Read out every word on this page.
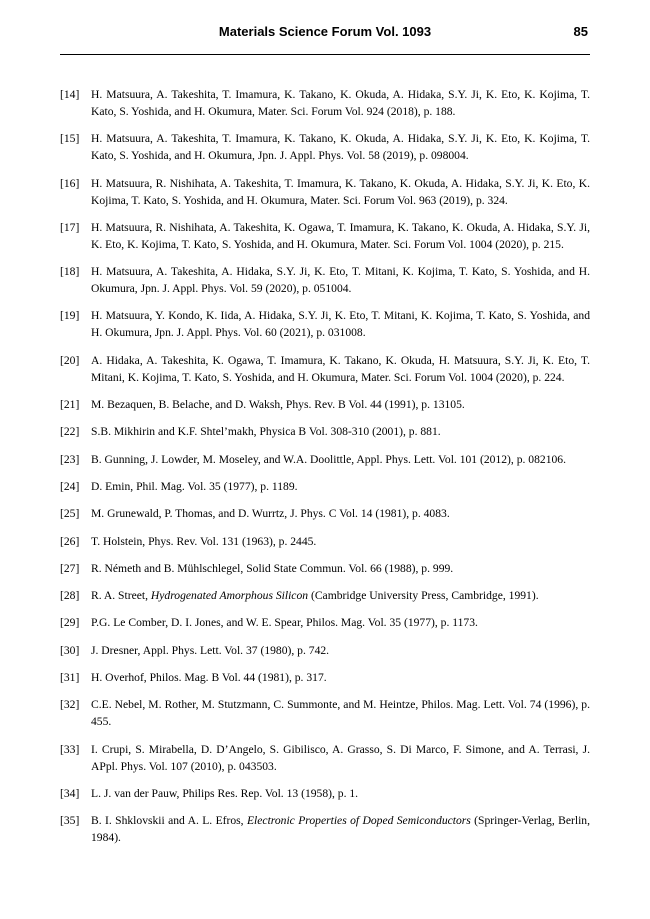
Materials Science Forum Vol. 1093	85
[14] H. Matsuura, A. Takeshita, T. Imamura, K. Takano, K. Okuda, A. Hidaka, S.Y. Ji, K. Eto, K. Kojima, T. Kato, S. Yoshida, and H. Okumura, Mater. Sci. Forum Vol. 924 (2018), p. 188.
[15] H. Matsuura, A. Takeshita, T. Imamura, K. Takano, K. Okuda, A. Hidaka, S.Y. Ji, K. Eto, K. Kojima, T. Kato, S. Yoshida, and H. Okumura, Jpn. J. Appl. Phys. Vol. 58 (2019), p. 098004.
[16] H. Matsuura, R. Nishihata, A. Takeshita, T. Imamura, K. Takano, K. Okuda, A. Hidaka, S.Y. Ji, K. Eto, K. Kojima, T. Kato, S. Yoshida, and H. Okumura, Mater. Sci. Forum Vol. 963 (2019), p. 324.
[17] H. Matsuura, R. Nishihata, A. Takeshita, K. Ogawa, T. Imamura, K. Takano, K. Okuda, A. Hidaka, S.Y. Ji, K. Eto, K. Kojima, T. Kato, S. Yoshida, and H. Okumura, Mater. Sci. Forum Vol. 1004 (2020), p. 215.
[18] H. Matsuura, A. Takeshita, A. Hidaka, S.Y. Ji, K. Eto, T. Mitani, K. Kojima, T. Kato, S. Yoshida, and H. Okumura, Jpn. J. Appl. Phys. Vol. 59 (2020), p. 051004.
[19] H. Matsuura, Y. Kondo, K. Iida, A. Hidaka, S.Y. Ji, K. Eto, T. Mitani, K. Kojima, T. Kato, S. Yoshida, and H. Okumura, Jpn. J. Appl. Phys. Vol. 60 (2021), p. 031008.
[20] A. Hidaka, A. Takeshita, K. Ogawa, T. Imamura, K. Takano, K. Okuda, H. Matsuura, S.Y. Ji, K. Eto, T. Mitani, K. Kojima, T. Kato, S. Yoshida, and H. Okumura, Mater. Sci. Forum Vol. 1004 (2020), p. 224.
[21] M. Bezaquen, B. Belache, and D. Waksh, Phys. Rev. B Vol. 44 (1991), p. 13105.
[22] S.B. Mikhirin and K.F. Shtel’makh, Physica B Vol. 308-310 (2001), p. 881.
[23] B. Gunning, J. Lowder, M. Moseley, and W.A. Doolittle, Appl. Phys. Lett. Vol. 101 (2012), p. 082106.
[24] D. Emin, Phil. Mag. Vol. 35 (1977), p. 1189.
[25] M. Grunewald, P. Thomas, and D. Wurrtz, J. Phys. C Vol. 14 (1981), p. 4083.
[26] T. Holstein, Phys. Rev. Vol. 131 (1963), p. 2445.
[27] R. Németh and B. Mühlschlegel, Solid State Commun. Vol. 66 (1988), p. 999.
[28] R. A. Street, Hydrogenated Amorphous Silicon (Cambridge University Press, Cambridge, 1991).
[29] P.G. Le Comber, D. I. Jones, and W. E. Spear, Philos. Mag. Vol. 35 (1977), p. 1173.
[30] J. Dresner, Appl. Phys. Lett. Vol. 37 (1980), p. 742.
[31] H. Overhof, Philos. Mag. B Vol. 44 (1981), p. 317.
[32] C.E. Nebel, M. Rother, M. Stutzmann, C. Summonte, and M. Heintze, Philos. Mag. Lett. Vol. 74 (1996), p. 455.
[33] I. Crupi, S. Mirabella, D. D’Angelo, S. Gibilisco, A. Grasso, S. Di Marco, F. Simone, and A. Terrasi, J. APpl. Phys. Vol. 107 (2010), p. 043503.
[34] L. J. van der Pauw, Philips Res. Rep. Vol. 13 (1958), p. 1.
[35] B. I. Shklovskii and A. L. Efros, Electronic Properties of Doped Semiconductors (Springer-Verlag, Berlin, 1984).
